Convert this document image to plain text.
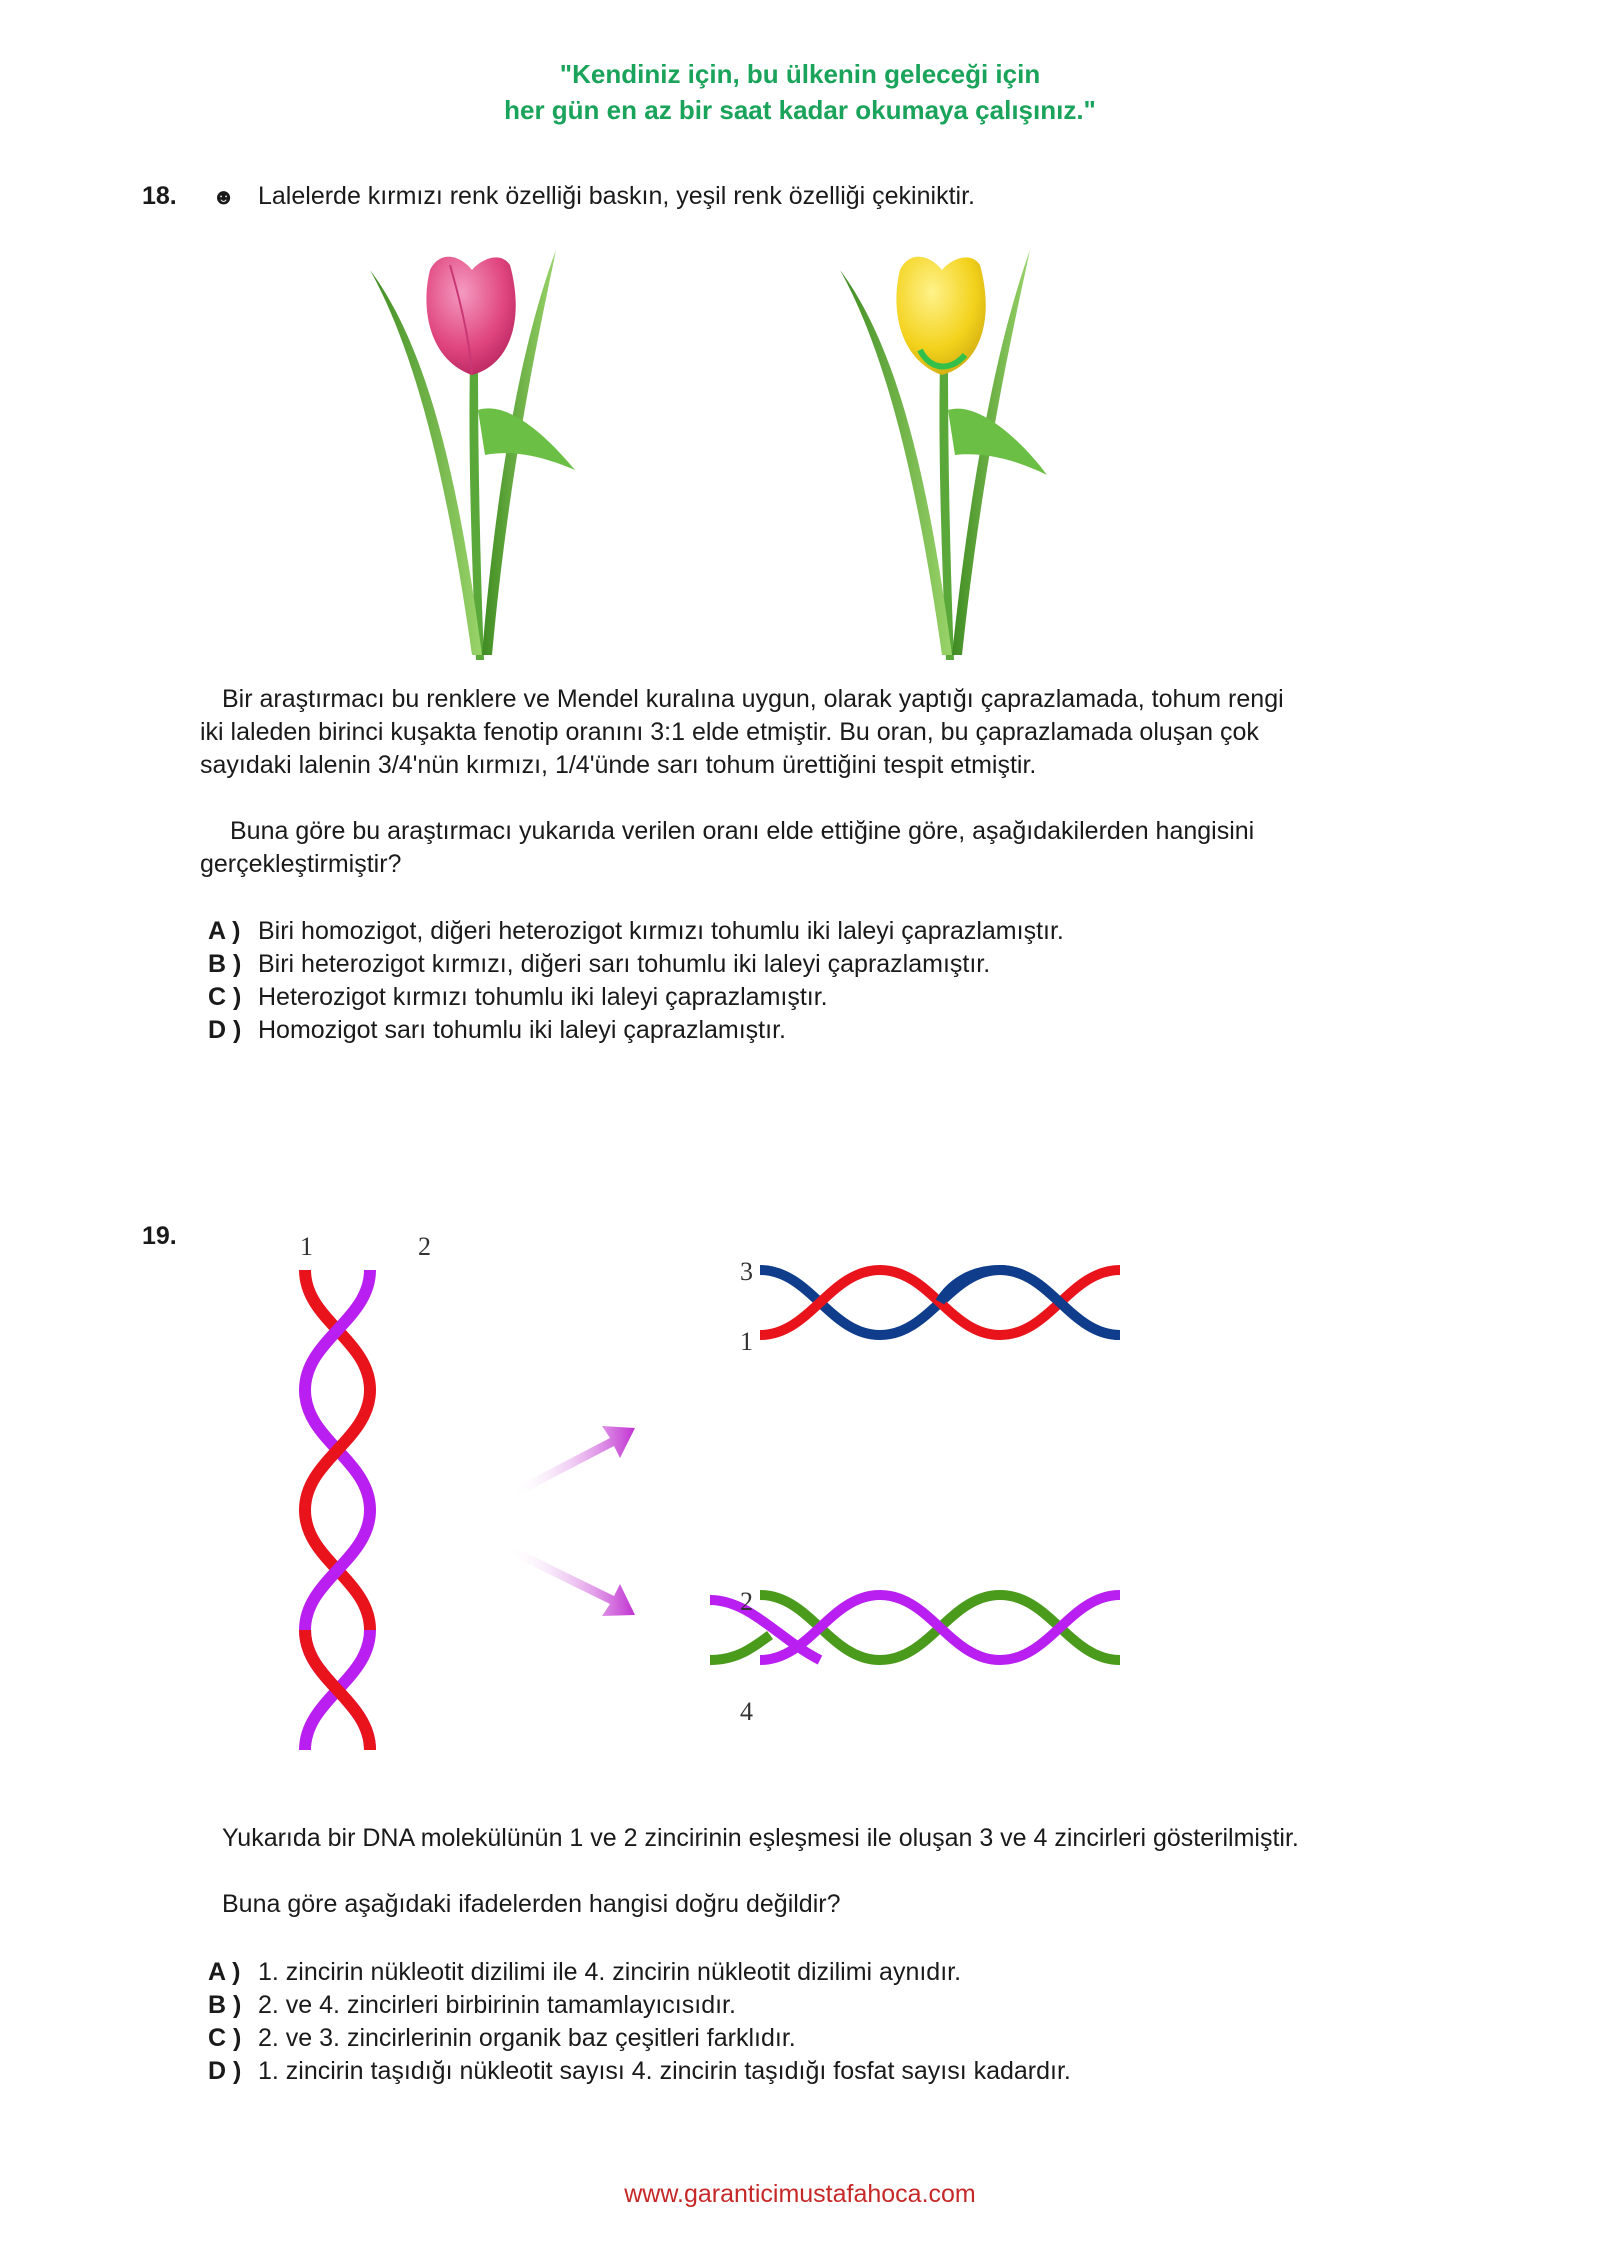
"Kendiniz için, bu ülkenin geleceği için
her gün en az bir saat kadar okumaya çalışınız."
18. ☻ Lalelerde kırmızı renk özelliği baskın, yeşil renk özelliği çekiniktir.
Bir araştırmacı bu renklere ve Mendel kuralına uygun, olarak yaptığı çaprazlamada, tohum rengi
iki laleden birinci kuşakta fenotip oranını 3:1 elde etmiştir. Bu oran, bu çaprazlamada oluşan çok
sayıdaki lalenin 3/4'nün kırmızı, 1/4'ünde sarı tohum ürettiğini tespit etmiştir.
Buna göre bu araştırmacı yukarıda verilen oranı elde ettiğine göre, aşağıdakilerden hangisini
gerçekleştirmiştir?
A ) Biri homozigot, diğeri heterozigot kırmızı tohumlu iki laleyi çaprazlamıştır.
B ) Biri heterozigot kırmızı, diğeri sarı tohumlu iki laleyi çaprazlamıştır.
C ) Heterozigot kırmızı tohumlu iki laleyi çaprazlamıştır.
D ) Homozigot sarı tohumlu iki laleyi çaprazlamıştır.
19.	1	2
3
1
2
4
Yukarıda bir DNA molekülünün 1 ve 2 zincirinin eşleşmesi ile oluşan 3 ve 4 zincirleri gösterilmiştir.
Buna göre aşağıdaki ifadelerden hangisi doğru değildir?
A ) 1. zincirin nükleotit dizilimi ile 4. zincirin nükleotit dizilimi aynıdır.
B ) 2. ve 4. zincirleri birbirinin tamamlayıcısıdır.
C ) 2. ve 3. zincirlerinin organik baz çeşitleri farklıdır.
D ) 1. zincirin taşıdığı nükleotit sayısı 4. zincirin taşıdığı fosfat sayısı kadardır.
www.garanticimustafahoca.com
